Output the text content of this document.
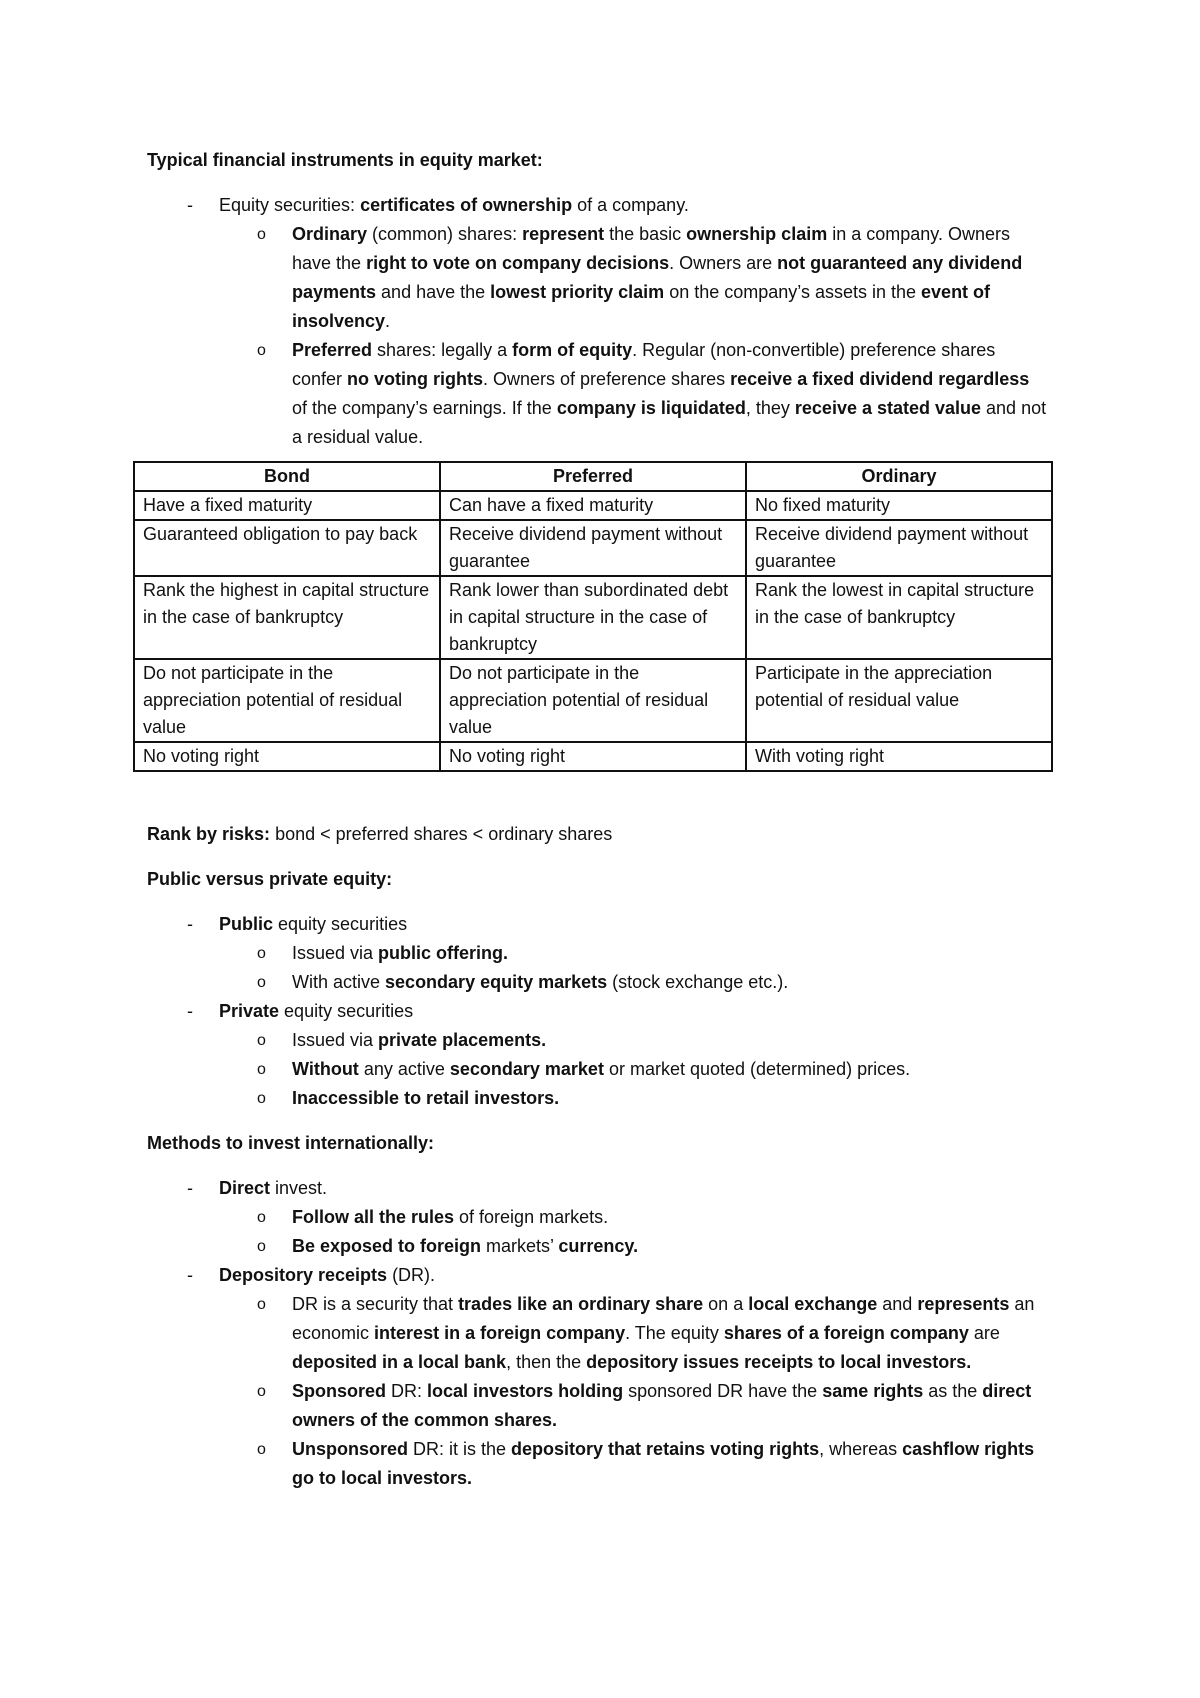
Typical financial instruments in equity market:
- Equity securities: certificates of ownership of a company.
o Ordinary (common) shares: represent the basic ownership claim in a company. Owners have the right to vote on company decisions. Owners are not guaranteed any dividend payments and have the lowest priority claim on the company’s assets in the event of insolvency.
o Preferred shares: legally a form of equity. Regular (non-convertible) preference shares confer no voting rights. Owners of preference shares receive a fixed dividend regardless of the company’s earnings. If the company is liquidated, they receive a stated value and not a residual value.
Bond	Preferred	Ordinary
Have a fixed maturity	Can have a fixed maturity	No fixed maturity
Guaranteed obligation to pay back	Receive dividend payment without guarantee	Receive dividend payment without guarantee
Rank the highest in capital structure in the case of bankruptcy	Rank lower than subordinated debt in capital structure in the case of bankruptcy	Rank the lowest in capital structure in the case of bankruptcy
Do not participate in the appreciation potential of residual value	Do not participate in the appreciation potential of residual value	Participate in the appreciation potential of residual value
No voting right	No voting right	With voting right
Rank by risks: bond < preferred shares < ordinary shares
Public versus private equity:
- Public equity securities
o Issued via public offering.
o With active secondary equity markets (stock exchange etc.).
- Private equity securities
o Issued via private placements.
o Without any active secondary market or market quoted (determined) prices.
o Inaccessible to retail investors.
Methods to invest internationally:
- Direct invest.
o Follow all the rules of foreign markets.
o Be exposed to foreign markets’ currency.
- Depository receipts (DR).
o DR is a security that trades like an ordinary share on a local exchange and represents an economic interest in a foreign company. The equity shares of a foreign company are deposited in a local bank, then the depository issues receipts to local investors.
o Sponsored DR: local investors holding sponsored DR have the same rights as the direct owners of the common shares.
o Unsponsored DR: it is the depository that retains voting rights, whereas cashflow rights go to local investors.
